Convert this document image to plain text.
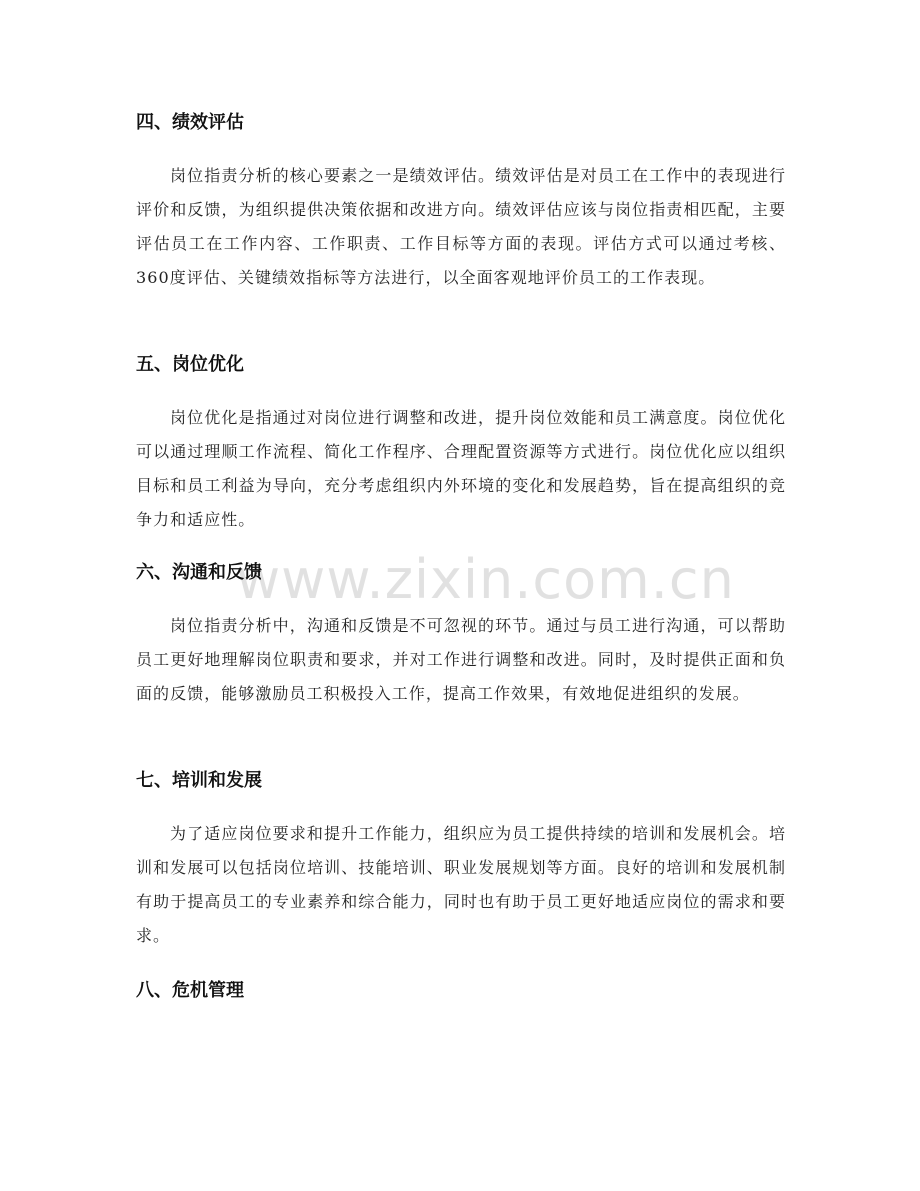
www.zixin.com.cn
四、绩效评估

岗位指责分析的核心要素之一是绩效评估。绩效评估是对员工在工作中的表现进行评价和反馈，为组织提供决策依据和改进方向。绩效评估应该与岗位指责相匹配，主要评估员工在工作内容、工作职责、工作目标等方面的表现。评估方式可以通过考核、360度评估、关键绩效指标等方法进行，以全面客观地评价员工的工作表现。

五、岗位优化

岗位优化是指通过对岗位进行调整和改进，提升岗位效能和员工满意度。岗位优化可以通过理顺工作流程、简化工作程序、合理配置资源等方式进行。岗位优化应以组织目标和员工利益为导向，充分考虑组织内外环境的变化和发展趋势，旨在提高组织的竞争力和适应性。

六、沟通和反馈

岗位指责分析中，沟通和反馈是不可忽视的环节。通过与员工进行沟通，可以帮助员工更好地理解岗位职责和要求，并对工作进行调整和改进。同时，及时提供正面和负面的反馈，能够激励员工积极投入工作，提高工作效果，有效地促进组织的发展。

七、培训和发展

为了适应岗位要求和提升工作能力，组织应为员工提供持续的培训和发展机会。培训和发展可以包括岗位培训、技能培训、职业发展规划等方面。良好的培训和发展机制有助于提高员工的专业素养和综合能力，同时也有助于员工更好地适应岗位的需求和要求。

八、危机管理
